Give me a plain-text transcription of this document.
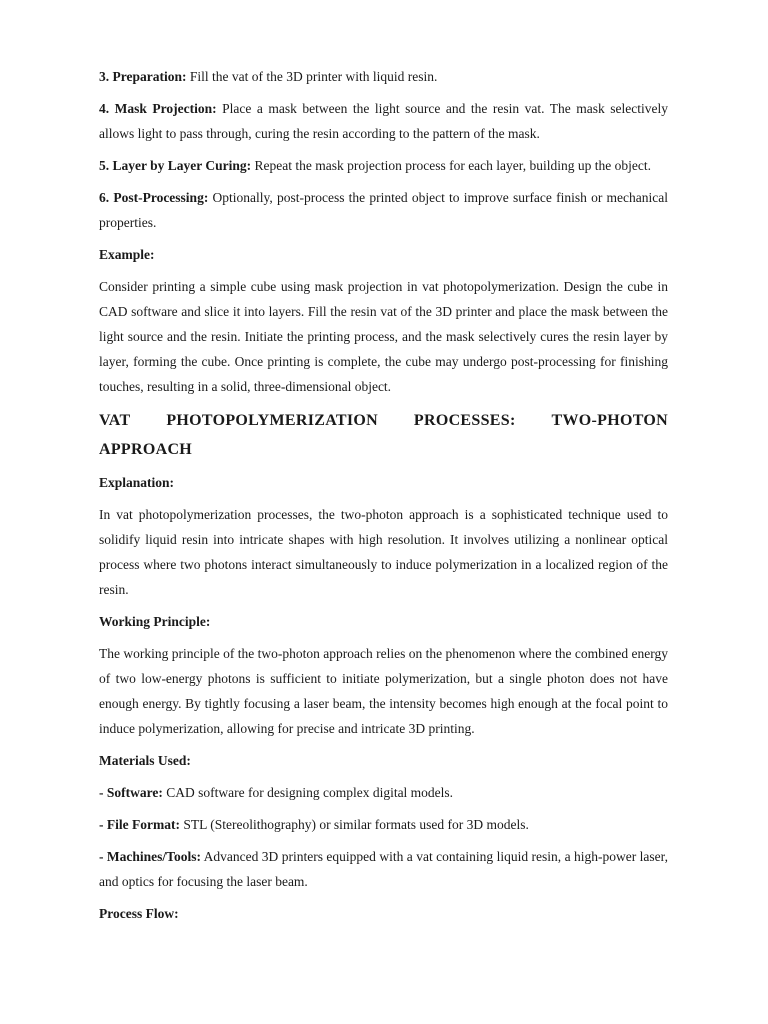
3. Preparation: Fill the vat of the 3D printer with liquid resin.

4. Mask Projection: Place a mask between the light source and the resin vat. The mask selectively allows light to pass through, curing the resin according to the pattern of the mask.

5. Layer by Layer Curing: Repeat the mask projection process for each layer, building up the object.

6. Post-Processing: Optionally, post-process the printed object to improve surface finish or mechanical properties.

Example:

Consider printing a simple cube using mask projection in vat photopolymerization. Design the cube in CAD software and slice it into layers. Fill the resin vat of the 3D printer and place the mask between the light source and the resin. Initiate the printing process, and the mask selectively cures the resin layer by layer, forming the cube. Once printing is complete, the cube may undergo post-processing for finishing touches, resulting in a solid, three-dimensional object.

VAT PHOTOPOLYMERIZATION PROCESSES: TWO-PHOTON
APPROACH

Explanation:

In vat photopolymerization processes, the two-photon approach is a sophisticated technique used to solidify liquid resin into intricate shapes with high resolution. It involves utilizing a nonlinear optical process where two photons interact simultaneously to induce polymerization in a localized region of the resin.

Working Principle:

The working principle of the two-photon approach relies on the phenomenon where the combined energy of two low-energy photons is sufficient to initiate polymerization, but a single photon does not have enough energy. By tightly focusing a laser beam, the intensity becomes high enough at the focal point to induce polymerization, allowing for precise and intricate 3D printing.

Materials Used:

- Software: CAD software for designing complex digital models.

- File Format: STL (Stereolithography) or similar formats used for 3D models.

- Machines/Tools: Advanced 3D printers equipped with a vat containing liquid resin, a high-power laser, and optics for focusing the laser beam.

Process Flow:
